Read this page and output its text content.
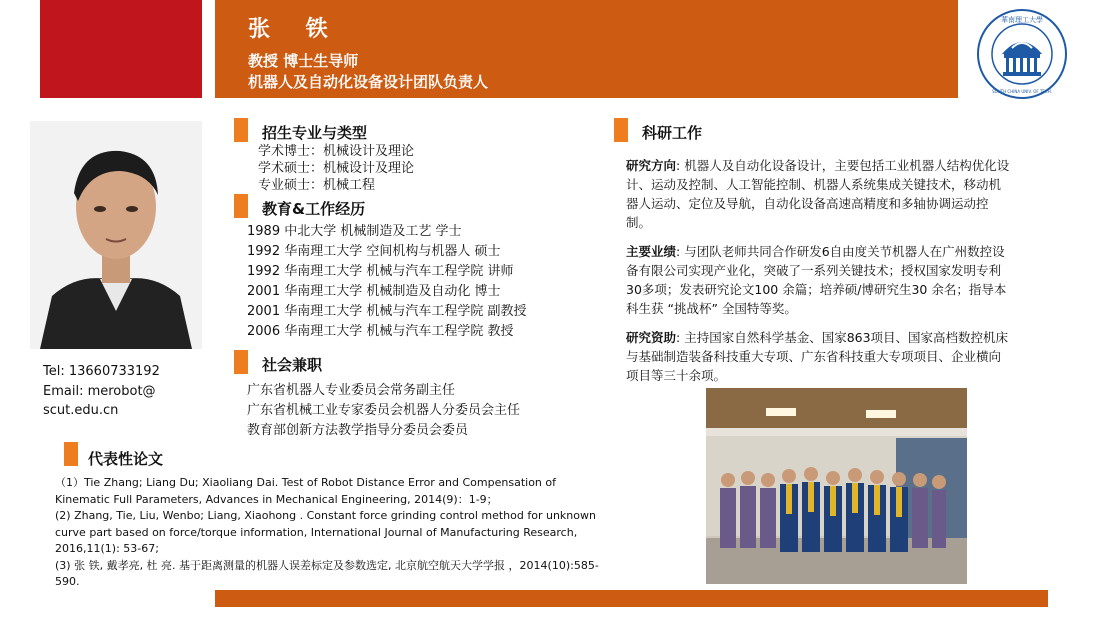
张 铁
教授 博士生导师
机器人及自动化设备设计团队负责人
華南理工大學
SOUTH CHINA UNIV. OF TECH.
Tel: 13660733192
Email: merobot@
scut.edu.cn
招生专业与类型
学术博士：机械设计及理论
学术硕士：机械设计及理论
专业硕士：机械工程
教育&工作经历
1989 中北大学 机械制造及工艺 学士
1992 华南理工大学 空间机构与机器人 硕士
1992 华南理工大学 机械与汽车工程学院 讲师
2001 华南理工大学 机械制造及自动化 博士
2001 华南理工大学 机械与汽车工程学院 副教授
2006 华南理工大学 机械与汽车工程学院 教授
社会兼职
广东省机器人专业委员会常务副主任
广东省机械工业专家委员会机器人分委员会主任
教育部创新方法教学指导分委员会委员
科研工作
研究方向: 机器人及自动化设备设计，主要包括工业机器人结构优化设计、运动及控制、人工智能控制、机器人系统集成关键技术，移动机器人运动、定位及导航，自动化设备高速高精度和多轴协调运动控制。
主要业绩: 与团队老师共同合作研发6自由度关节机器人在广州数控设备有限公司实现产业化，突破了一系列关键技术；授权国家发明专利30多项；发表研究论文100 余篇；培养硕/博研究生30 余名；指导本科生获 “挑战杯” 全国特等奖。
研究资助: 主持国家自然科学基金、国家863项目、国家高档数控机床与基础制造装备科技重大专项、广东省科技重大专项项目、企业横向项目等三十余项。
代表性论文
（1）Tie Zhang; Liang Du; Xiaoliang Dai. Test of Robot Distance Error and Compensation of Kinematic Full Parameters, Advances in Mechanical Engineering, 2014(9)：1-9；
(2) Zhang, Tie, Liu, Wenbo; Liang, Xiaohong . Constant force grinding control method for unknown curve part based on force/torque information, International Journal of Manufacturing Research, 2016,11(1): 53-67;
(3) 张 铁, 戴孝亮, 杜 亮. 基于距离测量的机器人误差标定及参数选定, 北京航空航天大学学报 ，2014(10):585-590.
